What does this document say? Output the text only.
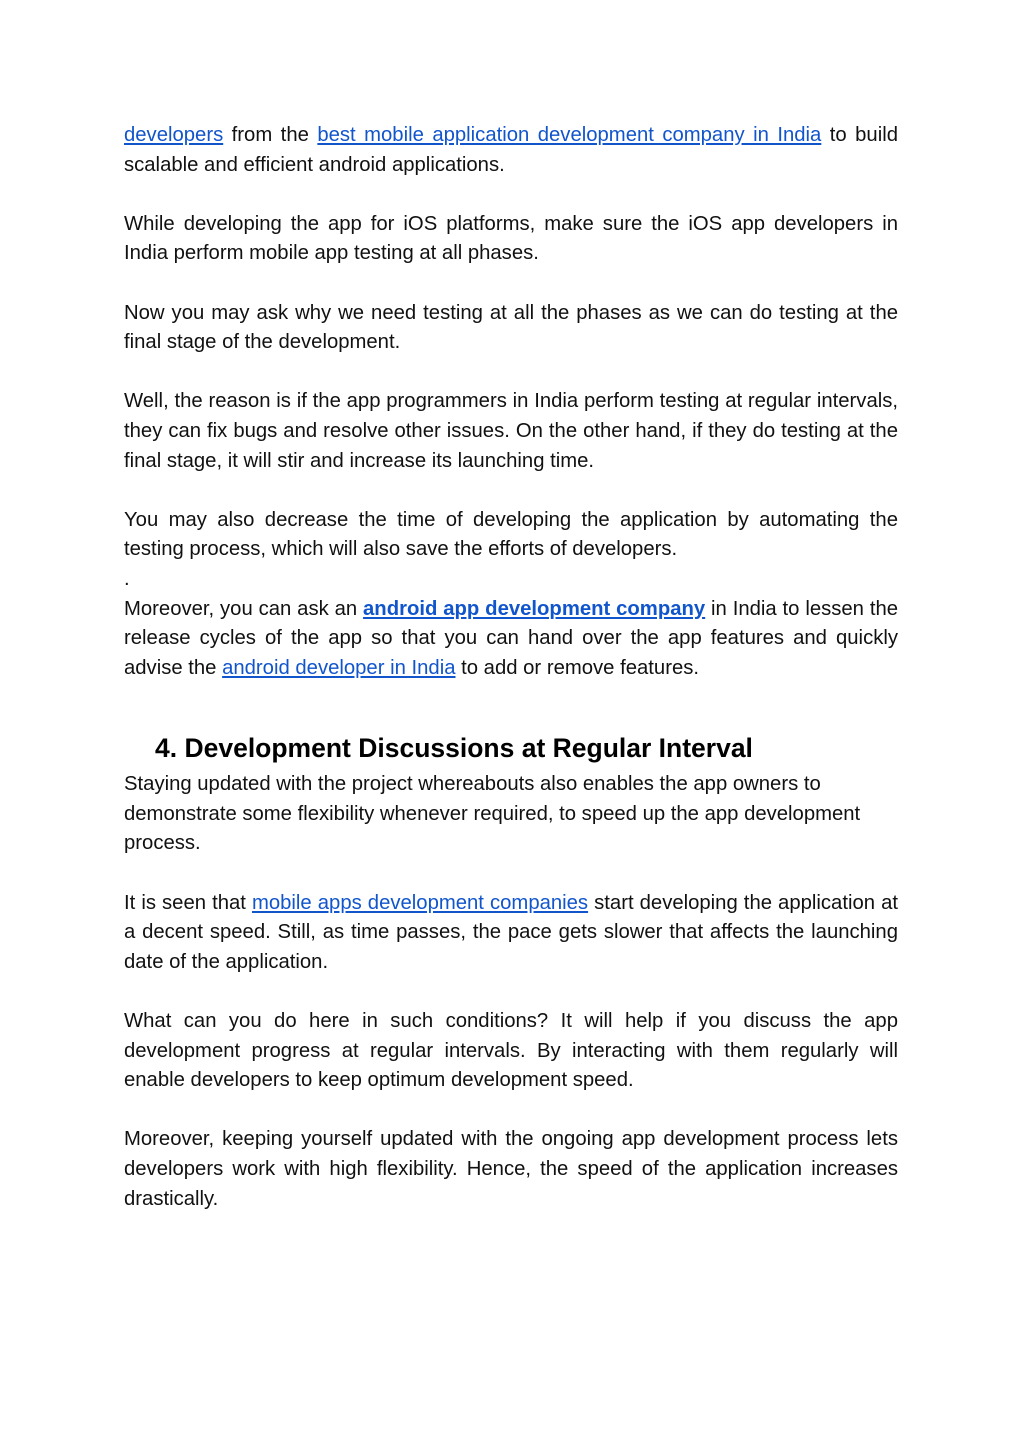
developers from the best mobile application development company in India to build scalable and efficient android applications.

While developing the app for iOS platforms, make sure the iOS app developers in India perform mobile app testing at all phases.

Now you may ask why we need testing at all the phases as we can do testing at the final stage of the development.

Well, the reason is if the app programmers in India perform testing at regular intervals, they can fix bugs and resolve other issues. On the other hand, if they do testing at the final stage, it will stir and increase its launching time.

You may also decrease the time of developing the application by automating the testing process, which will also save the efforts of developers.

.

Moreover, you can ask an android app development company in India to lessen the release cycles of the app so that you can hand over the app features and quickly advise the android developer in India to add or remove features.

4. Development Discussions at Regular Interval

Staying updated with the project whereabouts also enables the app owners to demonstrate some flexibility whenever required, to speed up the app development process.

It is seen that mobile apps development companies start developing the application at a decent speed. Still, as time passes, the pace gets slower that affects the launching date of the application.

What can you do here in such conditions? It will help if you discuss the app development progress at regular intervals. By interacting with them regularly will enable developers to keep optimum development speed.

Moreover, keeping yourself updated with the ongoing app development process lets developers work with high flexibility. Hence, the speed of the application increases drastically.
